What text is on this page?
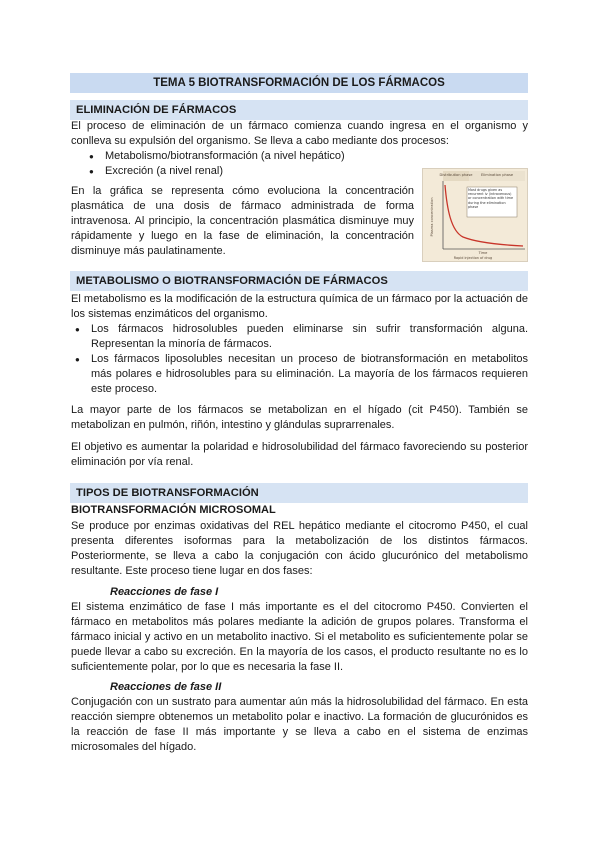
TEMA 5 BIOTRANSFORMACIÓN DE LOS FÁRMACOS
ELIMINACIÓN DE FÁRMACOS
El proceso de eliminación de un fármaco comienza cuando ingresa en el organismo y conlleva su expulsión del organismo. Se lleva a cabo mediante dos procesos:
● Metabolismo/biotransformación (a nivel hepático)
● Excreción (a nivel renal)
En la gráfica se representa cómo evoluciona la concentración plasmática de una dosis de fármaco administrada de forma intravenosa. Al principio, la concentración plasmática disminuye muy rápidamente y luego en la fase de eliminación, la concentración disminuye más paulatinamente.
Distribution phase Elimination phase
Plasma concentration
Time
Rapid injection of drug
Most drugs given as recurrent iv (intravenous) or concentration with time during the elimination phase
METABOLISMO O BIOTRANSFORMACIÓN DE FÁRMACOS
El metabolismo es la modificación de la estructura química de un fármaco por la actuación de los sistemas enzimáticos del organismo.
● Los fármacos hidrosolubles pueden eliminarse sin sufrir transformación alguna. Representan la minoría de fármacos.
● Los fármacos liposolubles necesitan un proceso de biotransformación en metabolitos más polares e hidrosolubles para su eliminación. La mayoría de los fármacos requieren este proceso.
La mayor parte de los fármacos se metabolizan en el hígado (cit P450). También se metabolizan en pulmón, riñón, intestino y glándulas suprarrenales.
El objetivo es aumentar la polaridad e hidrosolubilidad del fármaco favoreciendo su posterior eliminación por vía renal.
TIPOS DE BIOTRANSFORMACIÓN
BIOTRANSFORMACIÓN MICROSOMAL
Se produce por enzimas oxidativas del REL hepático mediante el citocromo P450, el cual presenta diferentes isoformas para la metabolización de los distintos fármacos. Posteriormente, se lleva a cabo la conjugación con ácido glucurónico del metabolismo resultante. Este proceso tiene lugar en dos fases:
Reacciones de fase I
El sistema enzimático de fase I más importante es el del citocromo P450. Convierten el fármaco en metabolitos más polares mediante la adición de grupos polares. Transforma el fármaco inicial y activo en un metabolito inactivo. Si el metabolito es suficientemente polar se puede llevar a cabo su excreción. En la mayoría de los casos, el producto resultante no es lo suficientemente polar, por lo que es necesaria la fase II.
Reacciones de fase II
Conjugación con un sustrato para aumentar aún más la hidrosolubilidad del fármaco. En esta reacción siempre obtenemos un metabolito polar e inactivo. La formación de glucurónidos es la reacción de fase II más importante y se lleva a cabo en el sistema de enzimas microsomales del hígado.
